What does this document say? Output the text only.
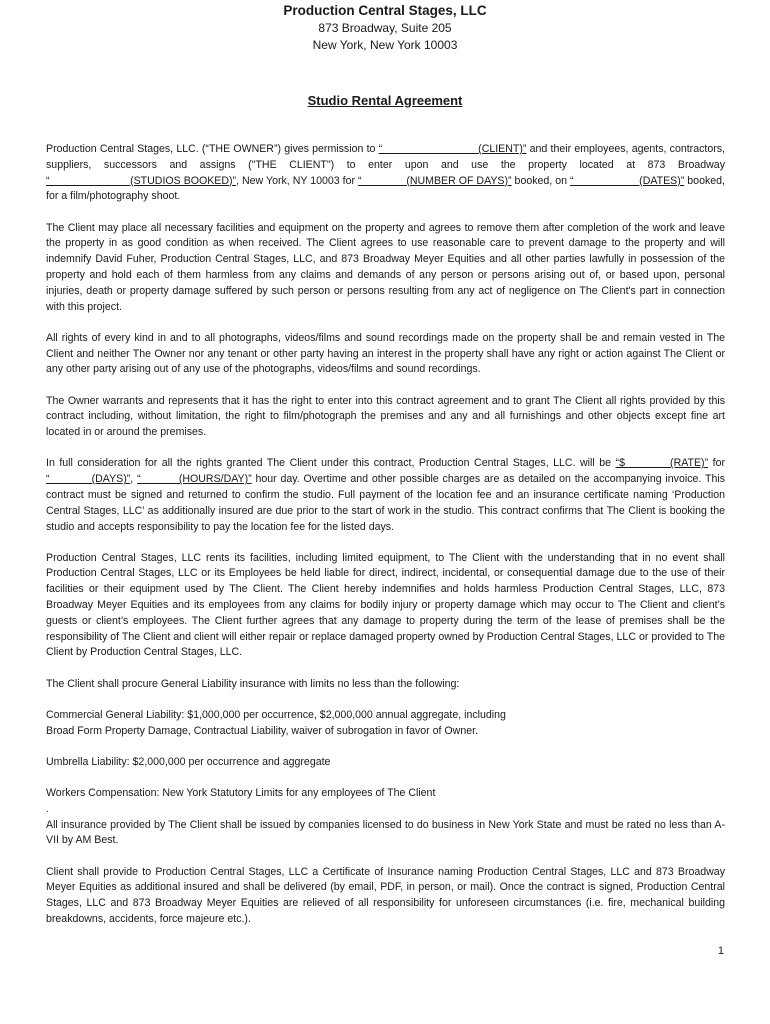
Production Central Stages, LLC
873 Broadway, Suite 205
New York, New York 10003
Studio Rental Agreement

Production Central Stages, LLC. (“THE OWNER”) gives permission to “                              (CLIENT)” and their employees, agents, contractors, suppliers, successors and assigns ("THE CLIENT") to enter upon and use the property located at 873 Broadway “                           (STUDIOS BOOKED)”, New York, NY 10003 for “               (NUMBER OF DAYS)” booked, on “                      (DATES)” booked, for a film/photography shoot.

The Client may place all necessary facilities and equipment on the property and agrees to remove them after completion of the work and leave the property in as good condition as when received. The Client agrees to use reasonable care to prevent damage to the property and will indemnify David Fuher, Production Central Stages, LLC, and 873 Broadway Meyer Equities and all other parties lawfully in possession of the property and hold each of them harmless from any claims and demands of any person or persons arising out of, or based upon, personal injuries, death or property damage suffered by such person or persons resulting from any act of negligence on The Client's part in connection with this project.

All rights of every kind in and to all photographs, videos/films and sound recordings made on the property shall be and remain vested in The Client and neither The Owner nor any tenant or other party having an interest in the property shall have any right or action against The Client or any other party arising out of any use of the photographs, videos/films and sound recordings.

The Owner warrants and represents that it has the right to enter into this contract agreement and to grant The Client all rights provided by this contract including, without limitation, the right to film/photograph the premises and any and all furnishings and other objects except fine art located in or around the premises.

In full consideration for all the rights granted The Client under this contract, Production Central Stages, LLC. will be “$          (RATE)” for “           (DAYS)”, “          (HOURS/DAY)” hour day. Overtime and other possible charges are as detailed on the accompanying invoice. This contract must be signed and returned to confirm the studio. Full payment of the location fee and an insurance certificate naming ‘Production Central Stages, LLC’ as additionally insured are due prior to the start of work in the studio. This contract confirms that The Client is booking the studio and accepts responsibility to pay the location fee for the listed days.

Production Central Stages, LLC rents its facilities, including limited equipment, to The Client with the understanding that in no event shall Production Central Stages, LLC or its Employees be held liable for direct, indirect, incidental, or consequential damage due to the use of their facilities or their equipment used by The Client. The Client hereby indemnifies and holds harmless Production Central Stages, LLC, 873 Broadway Meyer Equities and its employees from any claims for bodily injury or property damage which may occur to The Client and client’s guests or client’s employees. The Client further agrees that any damage to property during the term of the lease of premises shall be the responsibility of The Client and client will either repair or replace damaged property owned by Production Central Stages, LLC or provided to The Client by Production Central Stages, LLC.

The Client shall procure General Liability insurance with limits no less than the following:

Commercial General Liability: $1,000,000 per occurrence, $2,000,000 annual aggregate, including
Broad Form Property Damage, Contractual Liability, waiver of subrogation in favor of Owner.

Umbrella Liability: $2,000,000 per occurrence and aggregate

Workers Compensation: New York Statutory Limits for any employees of The Client

.

All insurance provided by The Client shall be issued by companies licensed to do business in New York State and must be rated no less than A- VII by AM Best.

Client shall provide to Production Central Stages, LLC a Certificate of Insurance naming Production Central Stages, LLC and 873 Broadway Meyer Equities as additional insured and shall be delivered (by email, PDF, in person, or mail). Once the contract is signed, Production Central Stages, LLC and 873 Broadway Meyer Equities are relieved of all responsibility for unforeseen circumstances (i.e. fire, mechanical building breakdowns, accidents, force majeure etc.).

1
